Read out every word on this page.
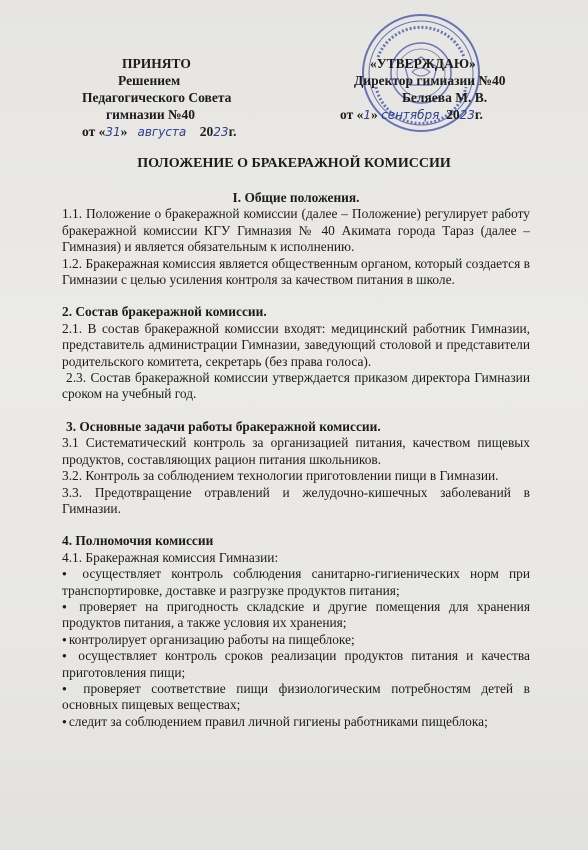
ПРИНЯТО
Решением
Педагогического Совета
гимназии №40
от «31» августа 2023г.
«УТВЕРЖДАЮ»
Директор гимназии №40
Беляева М. В.
от «1» сентября 2023г.
ПОЛОЖЕНИЕ О БРАКЕРАЖНОЙ КОМИССИИ

I. Общие положения.

1.1. Положение о бракеражной комиссии (далее – Положение) регулирует работу бракеражной комиссии КГУ Гимназия № 40 Акимата города Тараз (далее – Гимназия) и является обязательным к исполнению.

1.2. Бракеражная комиссия является общественным органом, который создается в Гимназии с целью усиления контроля за качеством питания в школе.

2. Состав бракеражной комиссии.

2.1. В состав бракеражной комиссии входят: медицинский работник Гимназии, представитель администрации Гимназии, заведующий столовой и представители родительского комитета, секретарь (без права голоса).

2.3. Состав бракеражной комиссии утверждается приказом директора Гимназии сроком на учебный год.

3. Основные задачи работы бракеражной комиссии.

3.1 Систематический контроль за организацией питания, качеством пищевых продуктов, составляющих рацион питания школьников.

3.2. Контроль за соблюдением технологии приготовлении пищи в Гимназии.

3.3. Предотвращение отравлений и желудочно-кишечных заболеваний в Гимназии.

4. Полномочия комиссии

4.1. Бракеражная комиссия Гимназии:

● осуществляет контроль соблюдения санитарно-гигиенических норм при транспортировке, доставке и разгрузке продуктов питания;

● проверяет на пригодность складские и другие помещения для хранения продуктов питания, а также условия их хранения;

● контролирует организацию работы на пищеблоке;

● осуществляет контроль сроков реализации продуктов питания и качества приготовления пищи;

● проверяет соответствие пищи физиологическим потребностям детей в основных пищевых веществах;

● следит за соблюдением правил личной гигиены работниками пищеблока;
